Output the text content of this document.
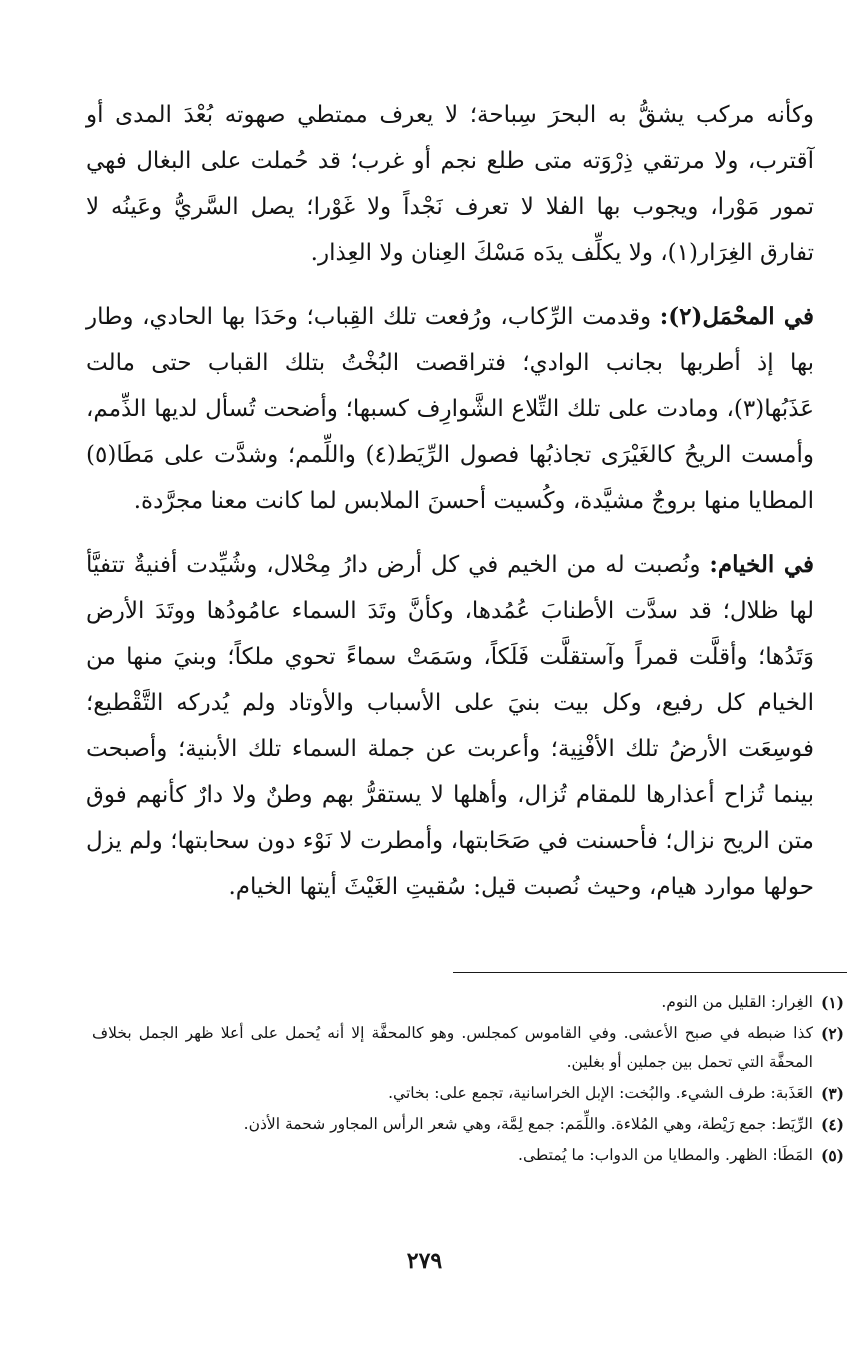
وكأنه مركب يشقُّ به البحرَ سِباحة؛ لا يعرف ممتطي صهوته بُعْدَ المدى أو آقترب، ولا مرتقي ذِرْوَته متى طلع نجم أو غرب؛ قد حُملت على البغال فهي تمور مَوْرا، ويجوب بها الفلا لا تعرف نَجْداً ولا غَوْرا؛ يصل السَّريُّ وعَينُه لا تفارق الغِرَار(١)، ولا يكلِّف يدَه مَسْكَ العِنان ولا العِذار.

في المحْمَل(٢): وقدمت الرِّكاب، ورُفعت تلك القِباب؛ وحَدَا بها الحادي، وطار بها إذ أطربها بجانب الوادي؛ فتراقصت البُخْتُ بتلك القباب حتى مالت عَذَبُها(٣)، ومادت على تلك التِّلاع الشَّوارِف كسبها؛ وأضحت تُسأل لديها الذِّمم، وأمست الريحُ كالغَيْرَى تجاذبُها فصول الرِّيَط(٤) واللِّمم؛ وشدَّت على مَطَا(٥) المطايا منها بروجٌ مشيَّدة، وكُسيت أحسنَ الملابس لما كانت معنا مجرَّدة.

في الخيام: ونُصبت له من الخيم في كل أرض دارُ مِحْلال، وشُيِّدت أفنيةٌ تتفيَّأ لها ظلال؛ قد سدَّت الأطنابَ عُمُدها، وكأنَّ وتَدَ السماء عامُودُها ووتَدَ الأرض وَتَدُها؛ وأقلَّت قمراً وآستقلَّت فَلَكاً، وسَمَتْ سماءً تحوي ملكاً؛ وبنيَ منها من الخيام كل رفيع، وكل بيت بنيَ على الأسباب والأوتاد ولم يُدركه التَّقْطيع؛ فوسِعَت الأرضُ تلك الأفْنِية؛ وأعربت عن جملة السماء تلك الأبنية؛ وأصبحت بينما تُزاح أعذارها للمقام تُزال، وأهلها لا يستقرُّ بهم وطنٌ ولا دارٌ كأنهم فوق متن الريح نزال؛ فأحسنت في صَحَابتها، وأمطرت لا نَوْء دون سحابتها؛ ولم يزل حولها موارد هيام، وحيث نُصبت قيل: سُقيتِ الغَيْثَ أيتها الخيام.

(١)
الغِرار: القليل من النوم.
(٢)
كذا ضبطه في صبح الأعشى. وفي القاموس كمجلس. وهو كالمحفَّة إلا أنه يُحمل على أعلا ظهر الجمل بخلاف المحفَّة التي تحمل بين جملين أو بغلين.
(٣)
العَذَبة: طرف الشيء. والبُخت: الإبل الخراسانية، تجمع على: بخاتي.
(٤)
الرِّيَط: جمع رَيْطة، وهي المُلاءة. واللِّمَم: جمع لِمَّة، وهي شعر الرأس المجاور شحمة الأذن.
(٥)
المَطَا: الظهر. والمطايا من الدواب: ما يُمتطى.
٢٧٩
